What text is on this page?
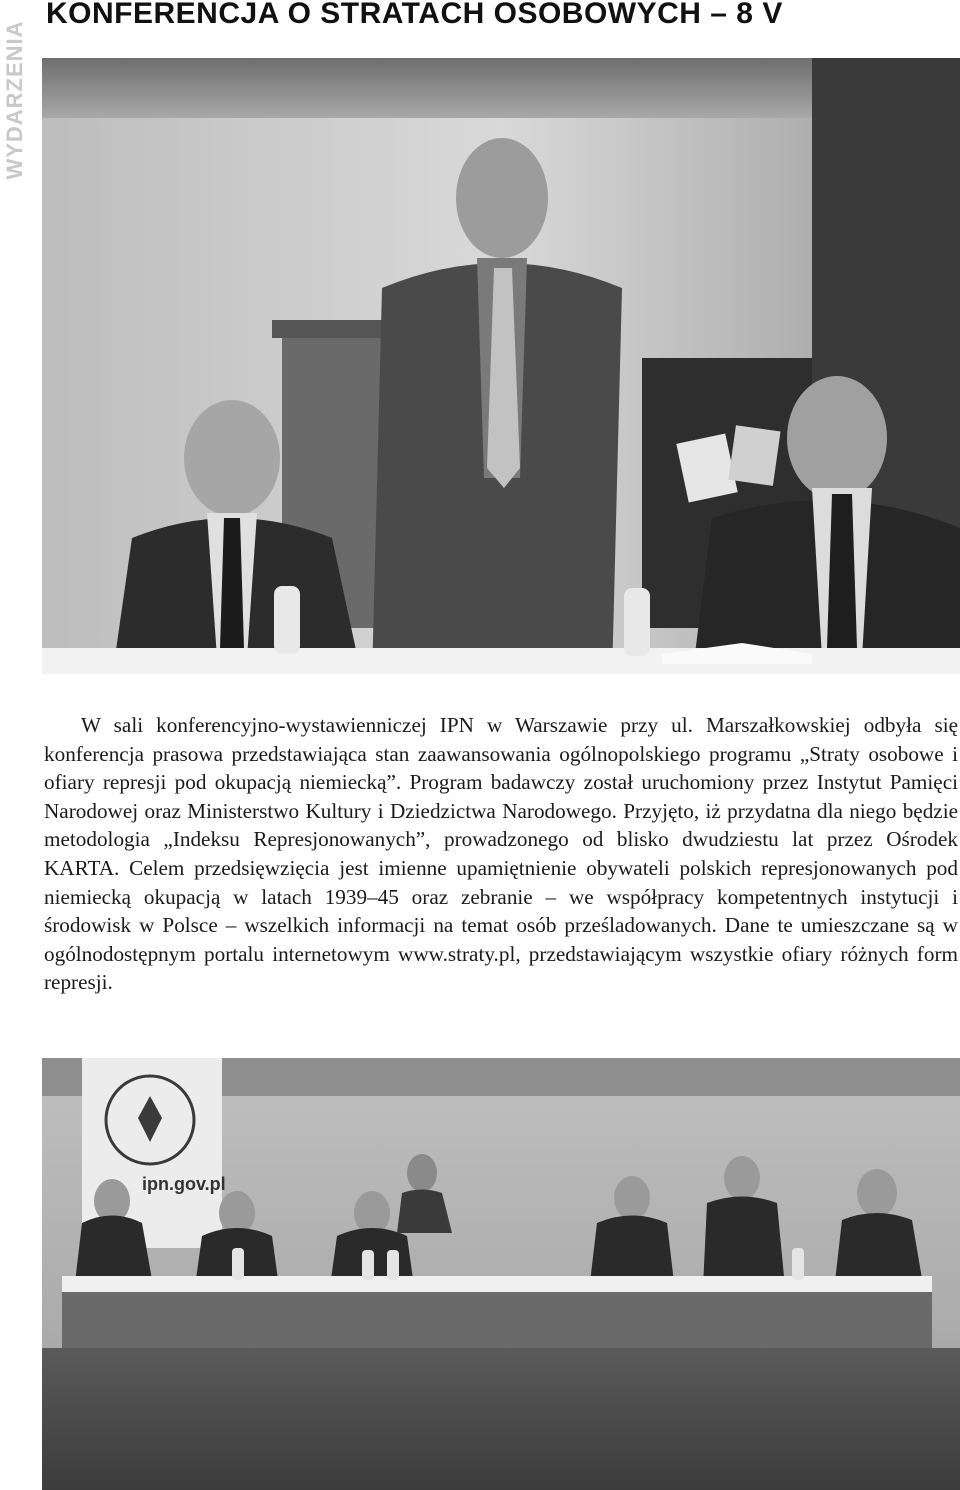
WYDARZENIA
KONFERENCJA O STRATACH OSOBOWYCH – 8 V

W sali konferencyjno-wystawienniczej IPN w Warszawie przy ul. Marszałkowskiej odbyła się konferencja prasowa przedstawiająca stan zaawansowania ogólnopolskiego programu „Straty osobowe i ofiary represji pod okupacją niemiecką”. Program badawczy został uruchomiony przez Instytut Pamięci Narodowej oraz Ministerstwo Kultury i Dziedzictwa Narodowego. Przyjęto, iż przydatna dla niego będzie metodologia „Indeksu Represjonowanych”, prowadzonego od blisko dwudziestu lat przez Ośrodek KARTA. Celem przedsięwzięcia jest imienne upamiętnienie obywateli polskich represjonowanych pod niemiecką okupacją w latach 1939–45 oraz zebranie – we współpracy kompetentnych instytucji i środowisk w Polsce – wszelkich informacji na temat osób prześladowanych. Dane te umieszczane są w ogólnodostępnym portalu internetowym www.straty.pl, przedstawiającym wszystkie ofiary różnych form represji.

ipn.gov.pl
